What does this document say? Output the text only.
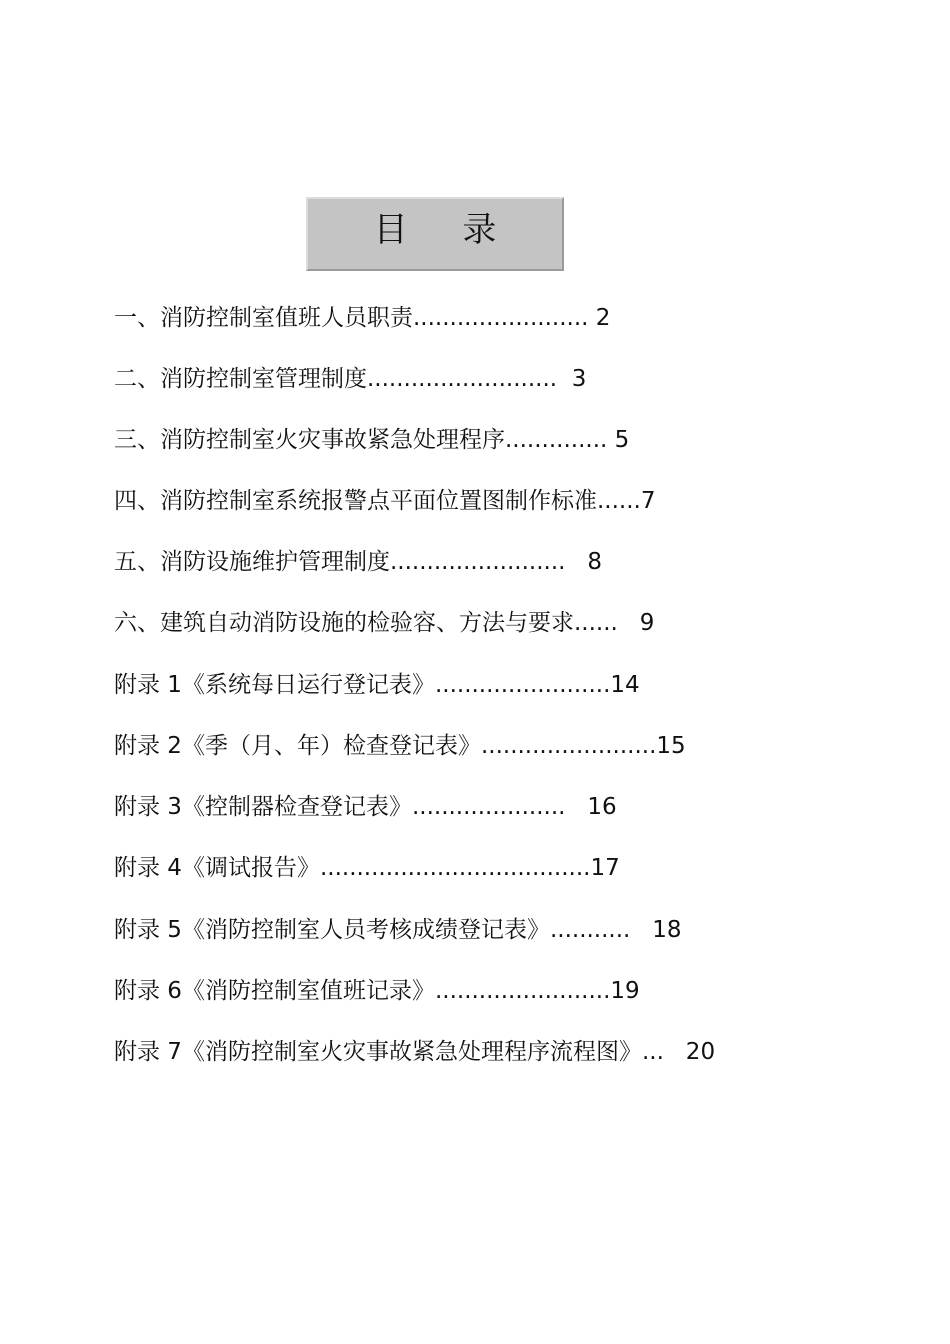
目 录
一、消防控制室值班人员职责........................ 2
二、消防控制室管理制度..........................  3
三、消防控制室火灾事故紧急处理程序.............. 5
四、消防控制室系统报警点平面位置图制作标准......7
五、消防设施维护管理制度........................   8
六、建筑自动消防设施的检验容、方法与要求......   9
附录 1《系统每日运行登记表》........................14
附录 2《季（月、年）检查登记表》........................15
附录 3《控制器检查登记表》.....................   16
附录 4《调试报告》.....................................17
附录 5《消防控制室人员考核成绩登记表》...........   18
附录 6《消防控制室值班记录》........................19
附录 7《消防控制室火灾事故紧急处理程序流程图》...   20
